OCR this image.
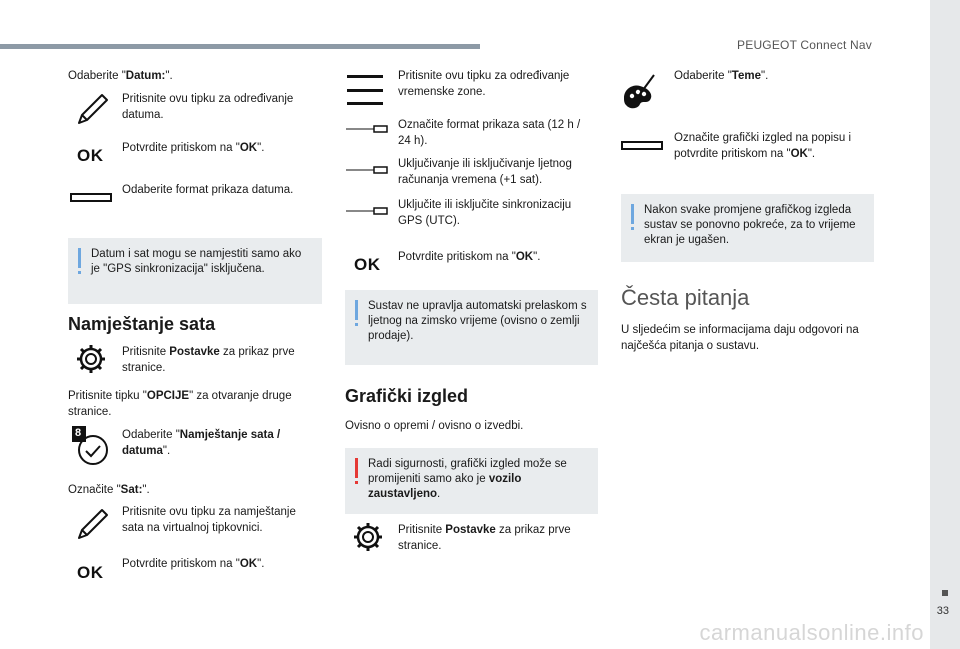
PEUGEOT Connect Nav
33
carmanualsonline.info
Odaberite "Datum:".
Pritisnite ovu tipku za određivanje datuma.
OK Potvrdite pritiskom na "OK".
Odaberite format prikaza datuma.
Datum i sat mogu se namjestiti samo ako je "GPS sinkronizacija" isključena.
Namještanje sata
Pritisnite Postavke za prikaz prve stranice.
Pritisnite tipku "OPCIJE" za otvaranje druge stranice.
8	Odaberite "Namještanje sata / datuma".
Označite "Sat:".
Pritisnite ovu tipku za namještanje sata na virtualnoj tipkovnici.
OK Potvrdite pritiskom na "OK".
Pritisnite ovu tipku za određivanje vremenske zone.
Označite format prikaza sata (12 h / 24 h).
Uključivanje ili isključivanje ljetnog računanja vremena (+1 sat).
Uključite ili isključite sinkronizaciju GPS (UTC).
OK Potvrdite pritiskom na "OK".
Sustav ne upravlja automatski prelaskom s ljetnog na zimsko vrijeme (ovisno o zemlji prodaje).
Grafički izgled
Ovisno o opremi / ovisno o izvedbi.
Radi sigurnosti, grafički izgled može se promijeniti samo ako je vozilo zaustavljeno.
Pritisnite Postavke za prikaz prve stranice.
Odaberite "Teme".
Označite grafički izgled na popisu i potvrdite pritiskom na "OK".
Nakon svake promjene grafičkog izgleda sustav se ponovno pokreće, za to vrijeme ekran je ugašen.
Česta pitanja
U sljedećim se informacijama daju odgovori na najčešća pitanja o sustavu.
